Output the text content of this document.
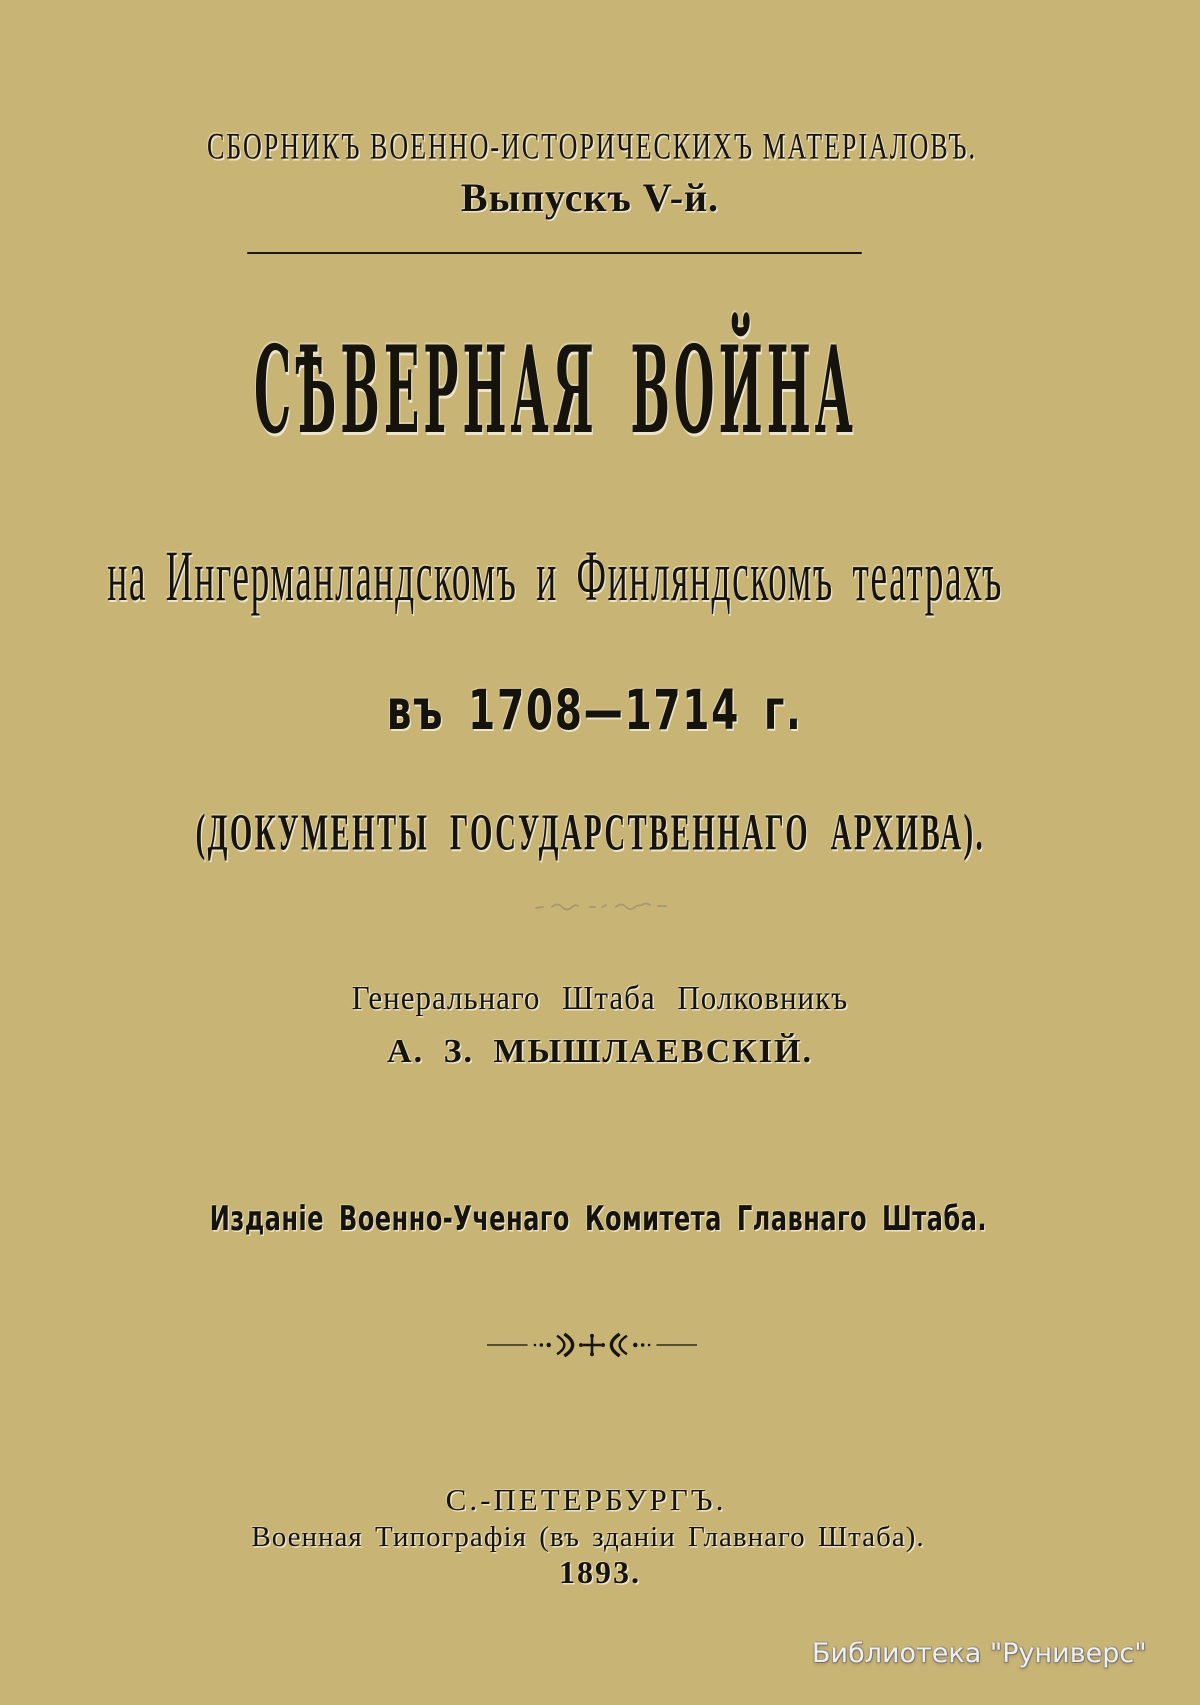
СБОРНИКЪ ВОЕННО-ИСТОРИЧЕСКИХЪ МАТЕРІАЛОВЪ.
Выпускъ V-й.
СѢВЕРНАЯ ВОЙНА
на Ингерманландскомъ и Финляндскомъ театрахъ
въ 1708—1714 г.
(ДОКУМЕНТЫ ГОСУДАРСТВЕННАГО АРХИВА).
Генеральнаго Штаба Полковникъ
А. З. МЫШЛАЕВСКІЙ.
Изданіе Военно-Ученаго Комитета Главнаго Штаба.
С.-ПЕТЕРБУРГЪ.
Военная Типографія (въ зданіи Главнаго Штаба).
1893.
Библиотека "Руниверс"
